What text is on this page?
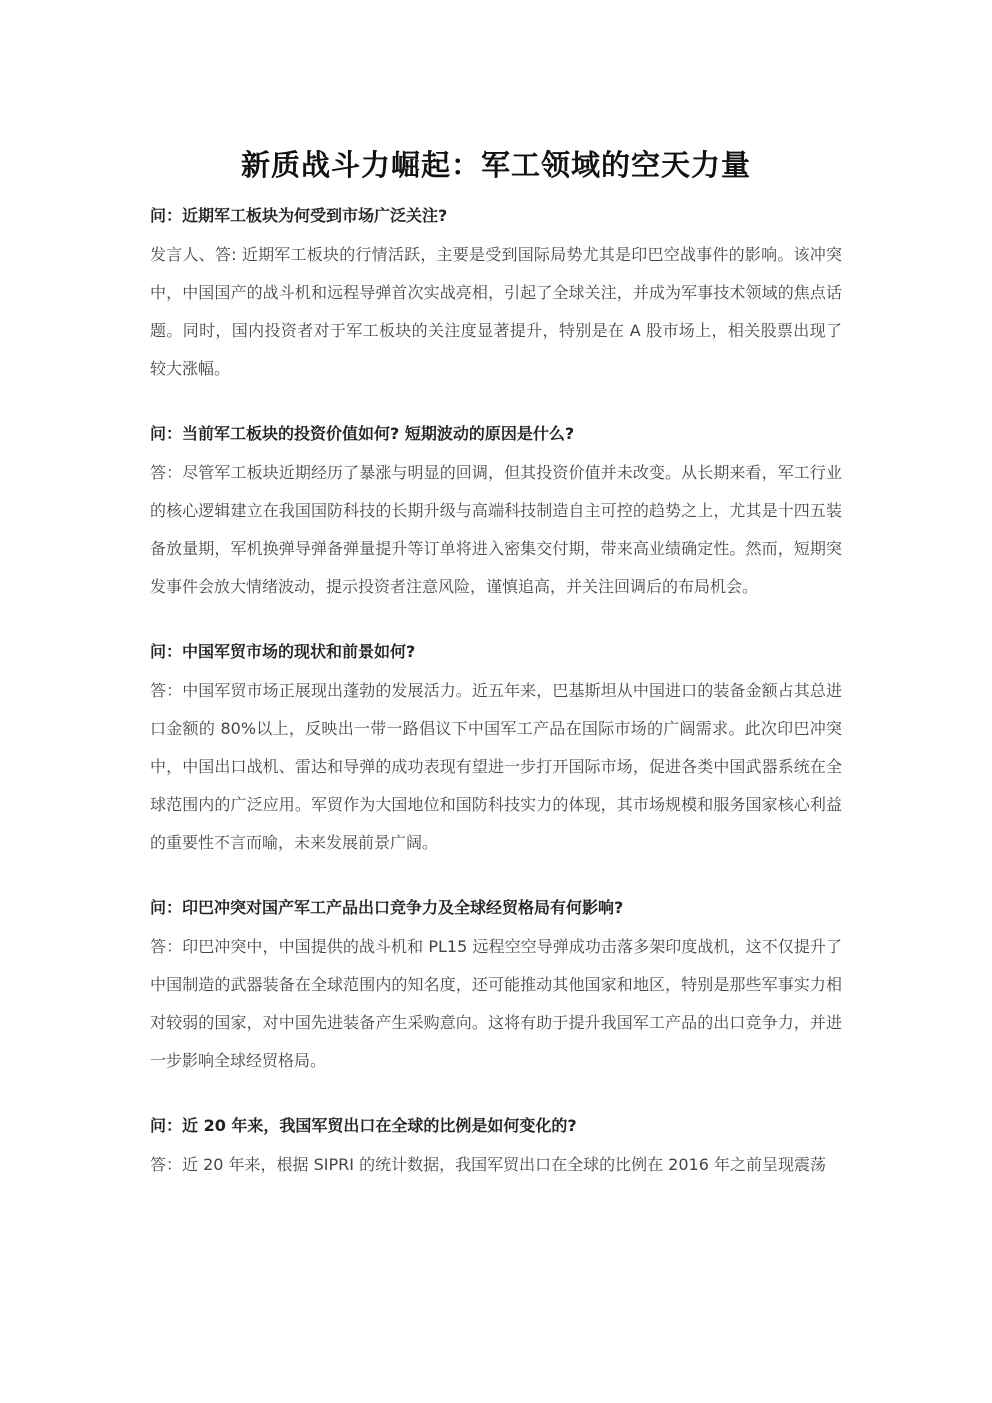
新质战斗力崛起：军工领域的空天力量

问：近期军工板块为何受到市场广泛关注?

发言人、答: 近期军工板块的行情活跃，主要是受到国际局势尤其是印巴空战事件的影响。该冲突中，中国国产的战斗机和远程导弹首次实战亮相，引起了全球关注，并成为军事技术领域的焦点话题。同时，国内投资者对于军工板块的关注度显著提升，特别是在 A 股市场上，相关股票出现了较大涨幅。

问：当前军工板块的投资价值如何? 短期波动的原因是什么?

答：尽管军工板块近期经历了暴涨与明显的回调，但其投资价值并未改变。从长期来看，军工行业的核心逻辑建立在我国国防科技的长期升级与高端科技制造自主可控的趋势之上，尤其是十四五装备放量期，军机换弹导弹备弹量提升等订单将进入密集交付期，带来高业绩确定性。然而，短期突发事件会放大情绪波动，提示投资者注意风险，谨慎追高，并关注回调后的布局机会。

问：中国军贸市场的现状和前景如何?

答：中国军贸市场正展现出蓬勃的发展活力。近五年来，巴基斯坦从中国进口的装备金额占其总进口金额的 80%以上，反映出一带一路倡议下中国军工产品在国际市场的广阔需求。此次印巴冲突中，中国出口战机、雷达和导弹的成功表现有望进一步打开国际市场，促进各类中国武器系统在全球范围内的广泛应用。军贸作为大国地位和国防科技实力的体现，其市场规模和服务国家核心利益的重要性不言而喻，未来发展前景广阔。

问：印巴冲突对国产军工产品出口竞争力及全球经贸格局有何影响?

答：印巴冲突中，中国提供的战斗机和 PL15 远程空空导弹成功击落多架印度战机，这不仅提升了中国制造的武器装备在全球范围内的知名度，还可能推动其他国家和地区，特别是那些军事实力相对较弱的国家，对中国先进装备产生采购意向。这将有助于提升我国军工产品的出口竞争力，并进一步影响全球经贸格局。

问：近 20 年来，我国军贸出口在全球的比例是如何变化的?

答：近 20 年来，根据 SIPRI 的统计数据，我国军贸出口在全球的比例在 2016 年之前呈现震荡
